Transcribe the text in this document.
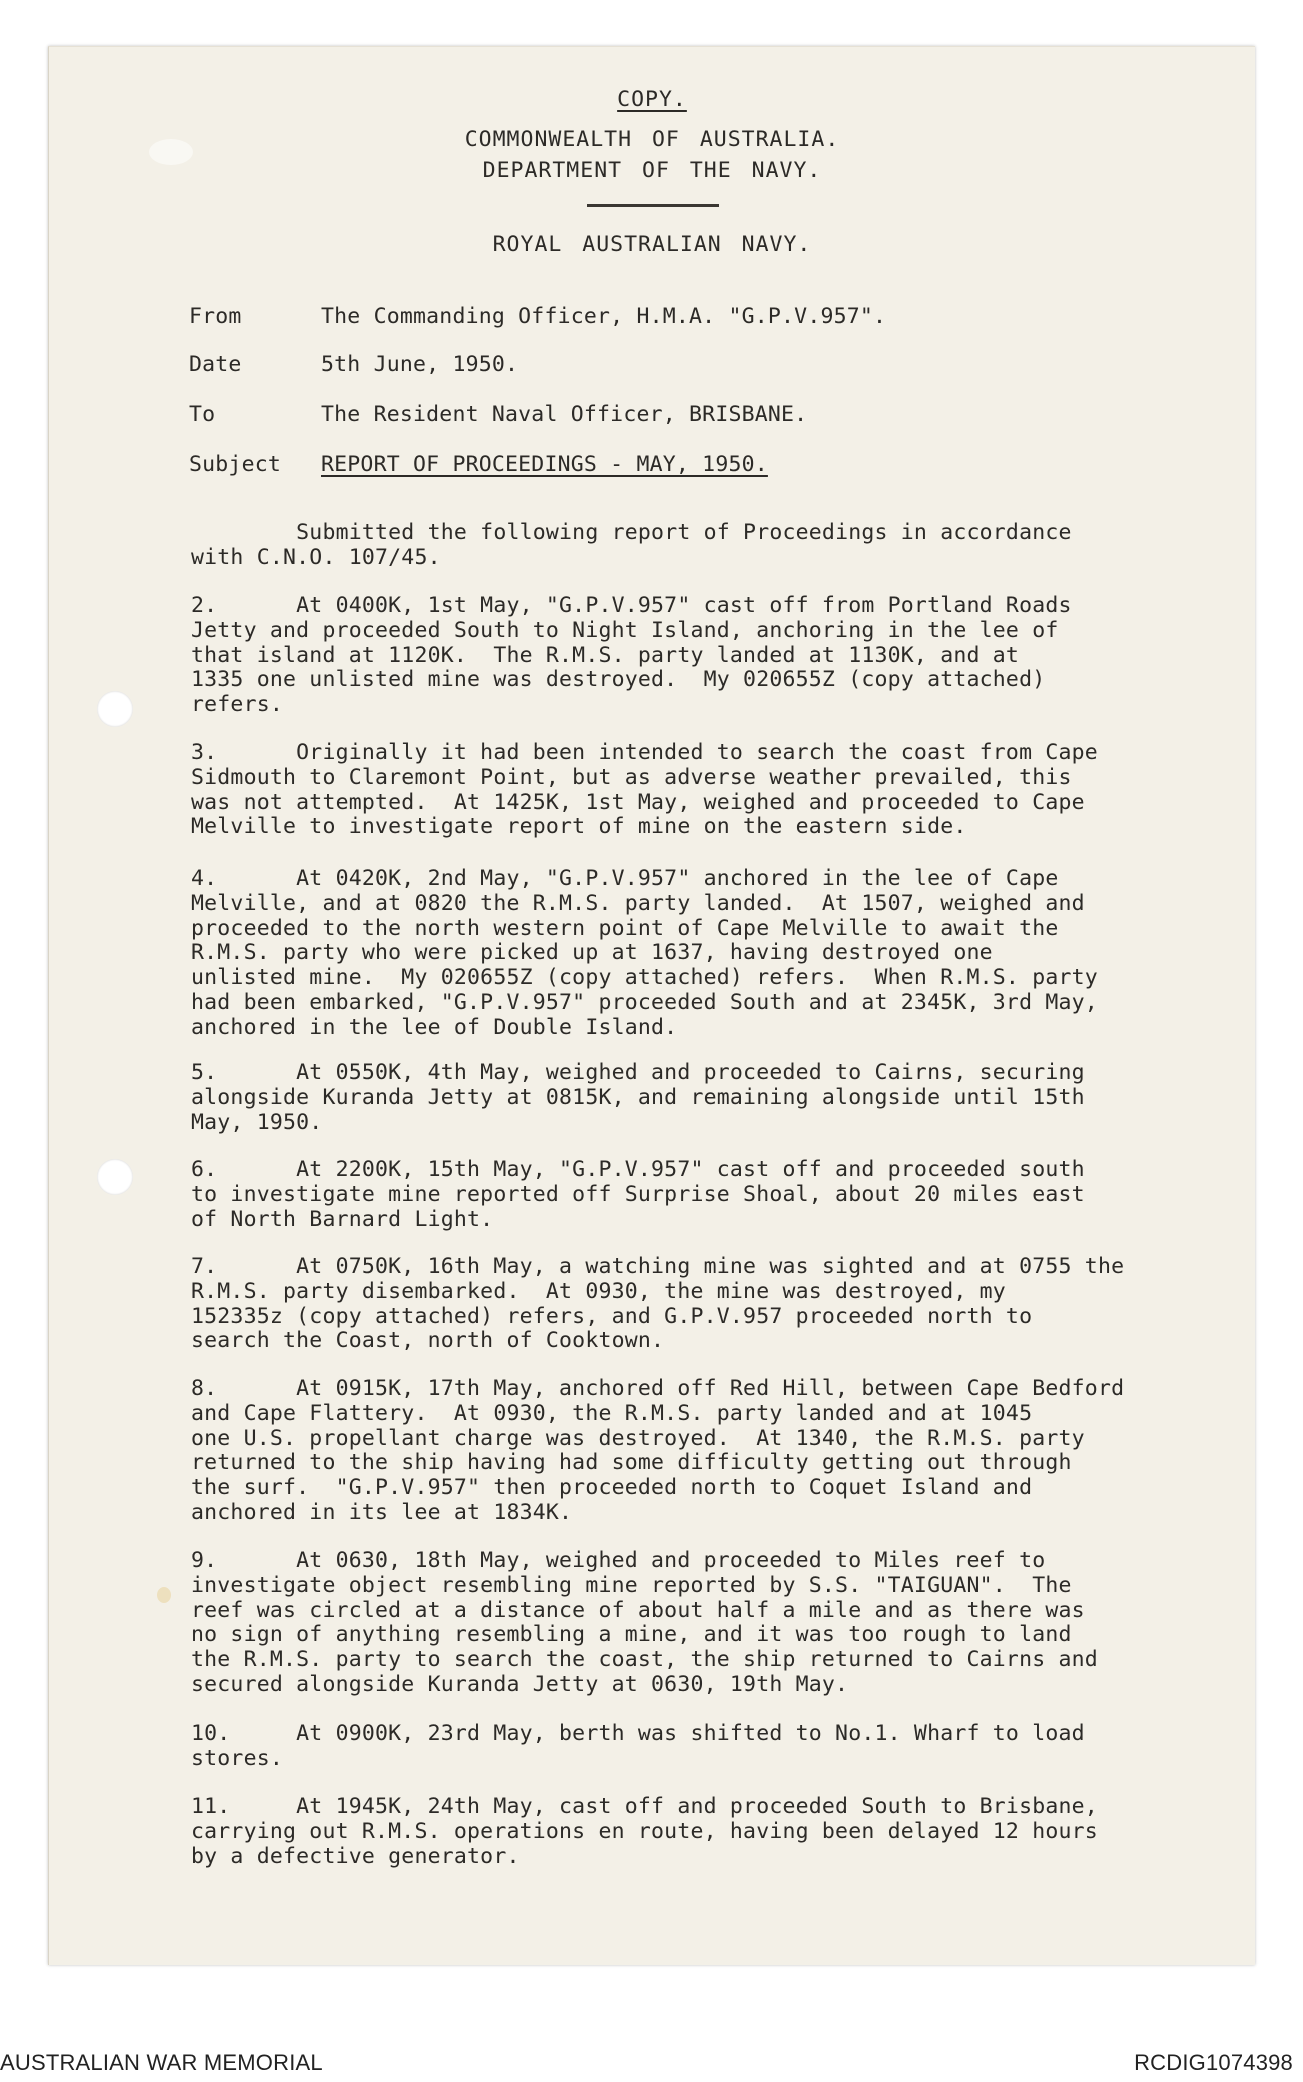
COPY.
COMMONWEALTH OF AUSTRALIA.
DEPARTMENT OF THE NAVY.
ROYAL AUSTRALIAN NAVY.
From	The Commanding Officer, H.M.A. "G.P.V.957".
Date	5th June, 1950.
To	The Resident Naval Officer, BRISBANE.
Subject REPORT OF PROCEEDINGS - MAY, 1950.
Submitted the following report of Proceedings in accordance
with C.N.O. 107/45.
2.      At 0400K, 1st May, "G.P.V.957" cast off from Portland Roads
Jetty and proceeded South to Night Island, anchoring in the lee of
that island at 1120K.  The R.M.S. party landed at 1130K, and at
1335 one unlisted mine was destroyed.  My 020655Z (copy attached)
refers.
3.      Originally it had been intended to search the coast from Cape
Sidmouth to Claremont Point, but as adverse weather prevailed, this
was not attempted.  At 1425K, 1st May, weighed and proceeded to Cape
Melville to investigate report of mine on the eastern side.
4.      At 0420K, 2nd May, "G.P.V.957" anchored in the lee of Cape
Melville, and at 0820 the R.M.S. party landed.  At 1507, weighed and
proceeded to the north western point of Cape Melville to await the
R.M.S. party who were picked up at 1637, having destroyed one
unlisted mine.  My 020655Z (copy attached) refers.  When R.M.S. party
had been embarked, "G.P.V.957" proceeded South and at 2345K, 3rd May,
anchored in the lee of Double Island.
5.      At 0550K, 4th May, weighed and proceeded to Cairns, securing
alongside Kuranda Jetty at 0815K, and remaining alongside until 15th
May, 1950.
6.      At 2200K, 15th May, "G.P.V.957" cast off and proceeded south
to investigate mine reported off Surprise Shoal, about 20 miles east
of North Barnard Light.
7.      At 0750K, 16th May, a watching mine was sighted and at 0755 the
R.M.S. party disembarked.  At 0930, the mine was destroyed, my
152335z (copy attached) refers, and G.P.V.957 proceeded north to
search the Coast, north of Cooktown.
8.      At 0915K, 17th May, anchored off Red Hill, between Cape Bedford
and Cape Flattery.  At 0930, the R.M.S. party landed and at 1045
one U.S. propellant charge was destroyed.  At 1340, the R.M.S. party
returned to the ship having had some difficulty getting out through
the surf.  "G.P.V.957" then proceeded north to Coquet Island and
anchored in its lee at 1834K.
9.      At 0630, 18th May, weighed and proceeded to Miles reef to
investigate object resembling mine reported by S.S. "TAIGUAN".  The
reef was circled at a distance of about half a mile and as there was
no sign of anything resembling a mine, and it was too rough to land
the R.M.S. party to search the coast, the ship returned to Cairns and
secured alongside Kuranda Jetty at 0630, 19th May.
10.     At 0900K, 23rd May, berth was shifted to No.1. Wharf to load
stores.
11.     At 1945K, 24th May, cast off and proceeded South to Brisbane,
carrying out R.M.S. operations en route, having been delayed 12 hours
by a defective generator.
AUSTRALIAN WAR MEMORIAL	RCDIG1074398
